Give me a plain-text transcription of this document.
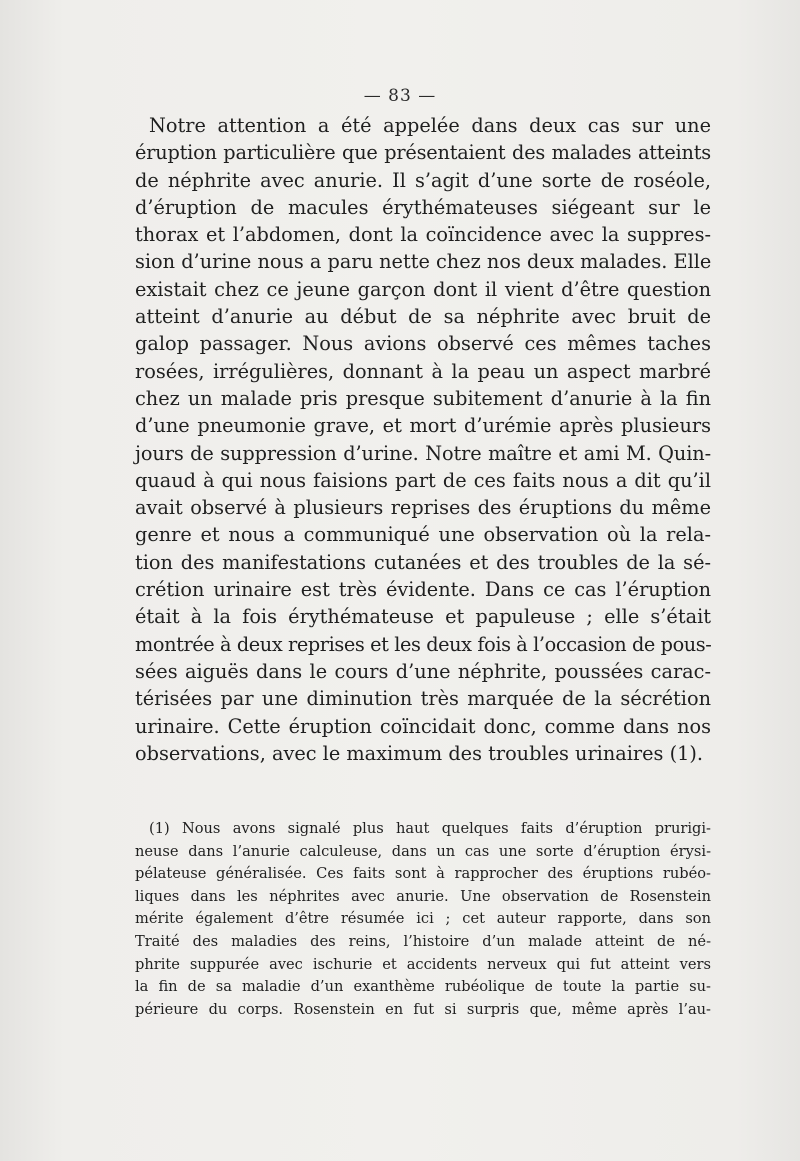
— 83 —
Notre attention a été appelée dans deux cas sur une
éruption particulière que présentaient des malades atteints
de néphrite avec anurie. Il s’agit d’une sorte de roséole,
d’éruption de macules érythémateuses siégeant sur le
thorax et l’abdomen, dont la coïncidence avec la suppres-
sion d’urine nous a paru nette chez nos deux malades. Elle
existait chez ce jeune garçon dont il vient d’être question
atteint d’anurie au début de sa néphrite avec bruit de
galop passager. Nous avions observé ces mêmes taches
rosées, irrégulières, donnant à la peau un aspect marbré
chez un malade pris presque subitement d’anurie à la fin
d’une pneumonie grave, et mort d’urémie après plusieurs
jours de suppression d’urine. Notre maître et ami M. Quin-
quaud à qui nous faisions part de ces faits nous a dit qu’il
avait observé à plusieurs reprises des éruptions du même
genre et nous a communiqué une observation où la rela-
tion des manifestations cutanées et des troubles de la sé-
crétion urinaire est très évidente. Dans ce cas l’éruption
était à la fois érythémateuse et papuleuse ; elle s’était
montrée à deux reprises et les deux fois à l’occasion de pous-
sées aiguës dans le cours d’une néphrite, poussées carac-
térisées par une diminution très marquée de la sécrétion
urinaire. Cette éruption coïncidait donc, comme dans nos
observations, avec le maximum des troubles urinaires (1).
(1) Nous avons signalé plus haut quelques faits d’éruption prurigi-
neuse dans l’anurie calculeuse, dans un cas une sorte d’éruption érysi-
pélateuse généralisée. Ces faits sont à rapprocher des éruptions rubéo-
liques dans les néphrites avec anurie. Une observation de Rosenstein
mérite également d’être résumée ici ; cet auteur rapporte, dans son
Traité des maladies des reins, l’histoire d’un malade atteint de né-
phrite suppurée avec ischurie et accidents nerveux qui fut atteint vers
la fin de sa maladie d’un exanthème rubéolique de toute la partie su-
périeure du corps. Rosenstein en fut si surpris que, même après l’au-
